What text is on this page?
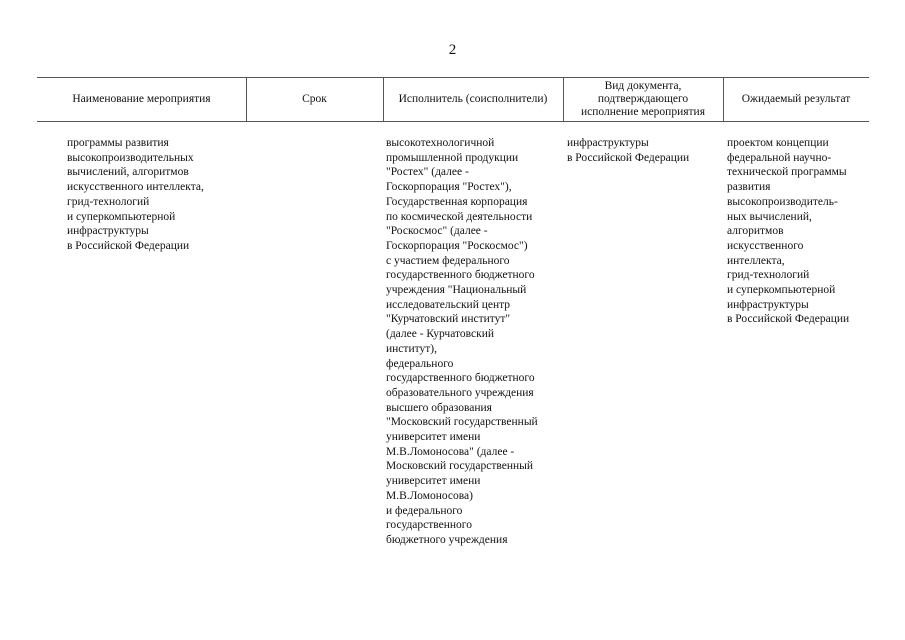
2
Наименование мероприятия	Срок	Исполнитель (соисполнители)
Вид документа,
подтверждающего
исполнение мероприятия
Ожидаемый результат
программы развития
высокопроизводительных
вычислений, алгоритмов
искусственного интеллекта,
грид-технологий
и суперкомпьютерной
инфраструктуры
в Российской Федерации
высокотехнологичной
промышленной продукции
"Ростех" (далее -
Госкорпорация "Ростех"),
Государственная корпорация
по космической деятельности
"Роскосмос" (далее -
Госкорпорация "Роскосмос")
с участием федерального
государственного бюджетного
учреждения "Национальный
исследовательский центр
"Курчатовский институт"
(далее - Курчатовский
институт),
федерального
государственного бюджетного
образовательного учреждения
высшего образования
"Московский государственный
университет имени
М.В.Ломоносова" (далее -
Московский государственный
университет имени
М.В.Ломоносова)
и федерального
государственного
бюджетного учреждения
инфраструктуры
в Российской Федерации
проектом концепции
федеральной научно-
технической программы
развития
высокопроизводитель-
ных вычислений,
алгоритмов
искусственного
интеллекта,
грид-технологий
и суперкомпьютерной
инфраструктуры
в Российской Федерации
